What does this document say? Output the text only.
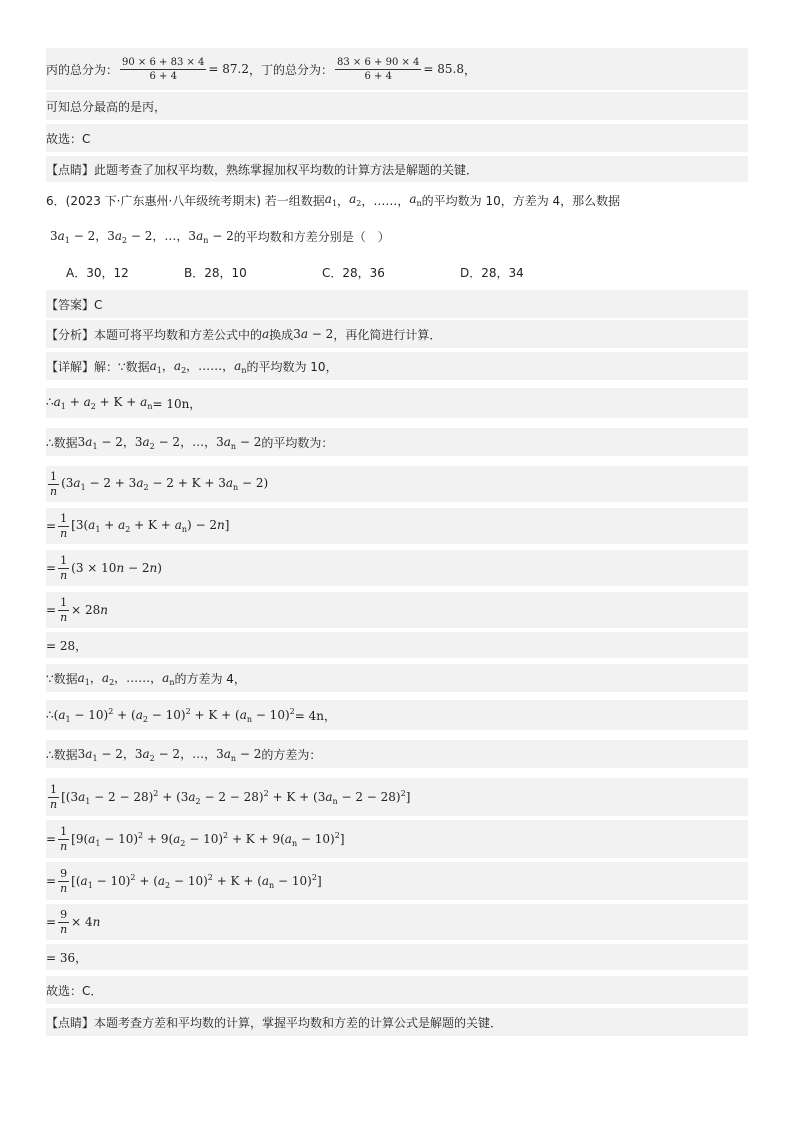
丙的总分为： $\frac{90 \times 6 + 83 \times 4}{6 + 4} = 87.2$ ，丁的总分为： $\frac{83 \times 6 + 90 \times 4}{6 + 4} = 85.8$ ，
可知总分最高的是丙，
故选：C
【点睛】此题考查了加权平均数，熟练掌握加权平均数的计算方法是解题的关键．
6．(2023 下·广东惠州·八年级统考期末) 若一组数据 $a_1$ ， $a_2$ ，……， $a_n$ 的平均数为 10，方差为 4，那么数据
$3a_1 - 2$，$3a_2 - 2$，…，$3a_n - 2$ 的平均数和方差分别是（　）
A．30，12	B．28，10	C．28，36	D．28，34
【答案】C
【分析】本题可将平均数和方差公式中的 a 换成 3a − 2 ，再化简进行计算．
【详解】解：∵数据 $a_1$，$a_2$，……，$a_n$ 的平均数为 10，
$\therefore a_1 + a_2 + K + a_n = 10n$，
∴数据 $3a_1 - 2$，$3a_2 - 2$，…，$3a_n - 2$ 的平均数为：
$\frac{1}{n} (3a_1 - 2 + 3a_2 - 2 + K + 3a_n - 2)$
= $\frac{1}{n} [3(a_1 + a_2 + K + a_n) - 2n]$
= $\frac{1}{n} (3 \times 10n - 2n)$
= $\frac{1}{n} \times 28n$
= 28，
∵数据 $a_1$，$a_2$，……，$a_n$ 的方差为 4，
$\therefore(a_1 - 10)^2 + (a_2 - 10)^2 + K + (a_n - 10)^2 = 4n$，
∴数据 $3a_1 - 2$，$3a_2 - 2$，…，$3a_n - 2$ 的方差为：
$\frac{1}{n} [(3a_1 - 2 - 28)^2 + (3a_2 - 2 - 28)^2 + K + (3a_n - 2 - 28)^2]$
= $\frac{1}{n} [9(a_1 - 10)^2 + 9(a_2 - 10)^2 + K + 9(a_n - 10)^2]$
= $\frac{9}{n} [(a_1 - 10)^2 + (a_2 - 10)^2 + K + (a_n - 10)^2]$
= $\frac{9}{n} \times 4n$
= 36，
故选：C．
【点睛】本题考查方差和平均数的计算，掌握平均数和方差的计算公式是解题的关键．
